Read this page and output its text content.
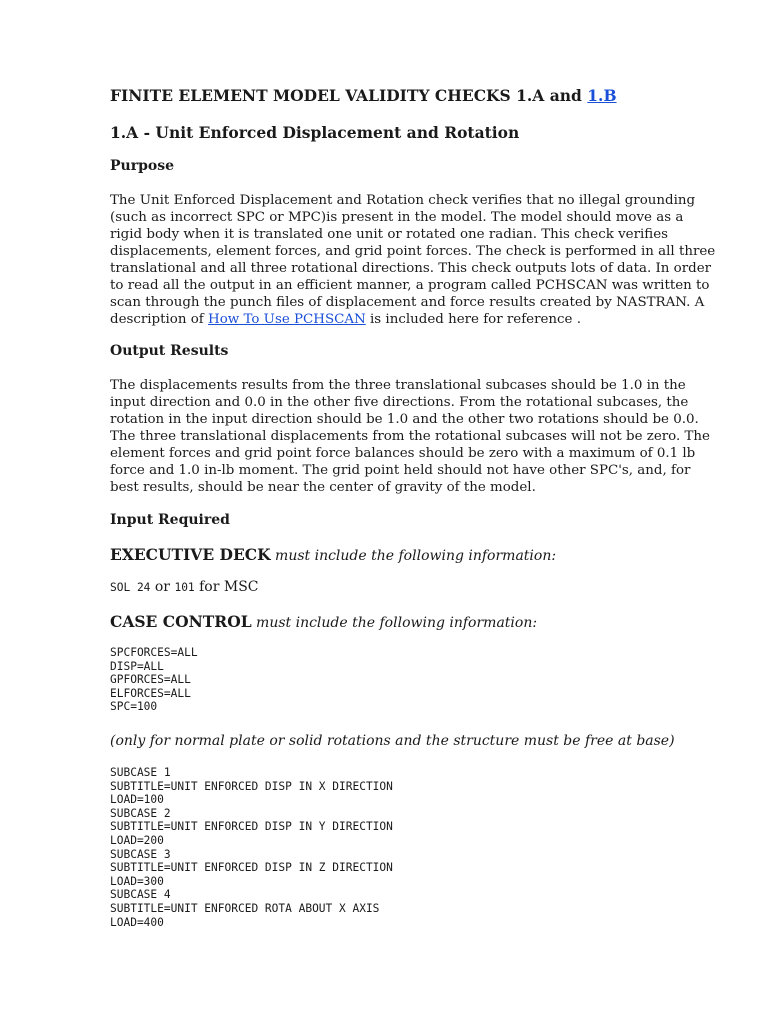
FINITE ELEMENT MODEL VALIDITY CHECKS 1.A and 1.B
1.A - Unit Enforced Displacement and Rotation
Purpose
The Unit Enforced Displacement and Rotation check verifies that no illegal grounding
(such as incorrect SPC or MPC)is present in the model. The model should move as a
rigid body when it is translated one unit or rotated one radian. This check verifies
displacements, element forces, and grid point forces. The check is performed in all three
translational and all three rotational directions. This check outputs lots of data. In order
to read all the output in an efficient manner, a program called PCHSCAN was written to
scan through the punch files of displacement and force results created by NASTRAN. A
description of How To Use PCHSCAN is included here for reference .
Output Results
The displacements results from the three translational subcases should be 1.0 in the
input direction and 0.0 in the other five directions. From the rotational subcases, the
rotation in the input direction should be 1.0 and the other two rotations should be 0.0.
The three translational displacements from the rotational subcases will not be zero. The
element forces and grid point force balances should be zero with a maximum of 0.1 lb
force and 1.0 in-lb moment. The grid point held should not have other SPC's, and, for
best results, should be near the center of gravity of the model.
Input Required
EXECUTIVE DECK must include the following information:
SOL 24 or 101 for MSC
CASE CONTROL must include the following information:
SPCFORCES=ALL
DISP=ALL
GPFORCES=ALL
ELFORCES=ALL
SPC=100
(only for normal plate or solid rotations and the structure must be free at base)
SUBCASE 1
SUBTITLE=UNIT ENFORCED DISP IN X DIRECTION
LOAD=100
SUBCASE 2
SUBTITLE=UNIT ENFORCED DISP IN Y DIRECTION
LOAD=200
SUBCASE 3
SUBTITLE=UNIT ENFORCED DISP IN Z DIRECTION
LOAD=300
SUBCASE 4
SUBTITLE=UNIT ENFORCED ROTA ABOUT X AXIS
LOAD=400
